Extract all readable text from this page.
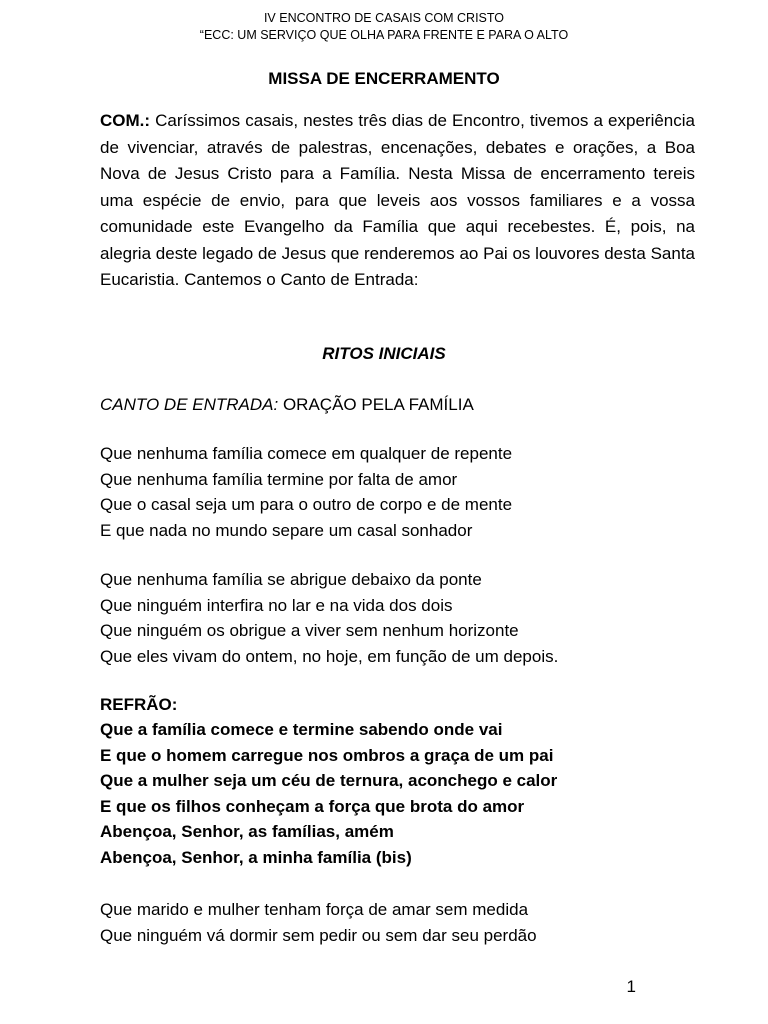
IV ENCONTRO DE CASAIS COM CRISTO
“ECC: UM SERVIÇO QUE OLHA PARA FRENTE E PARA O ALTO
MISSA DE ENCERRAMENTO

COM.: Caríssimos casais, nestes três dias de Encontro, tivemos a experiência de vivenciar, através de palestras, encenações, debates e orações, a Boa Nova de Jesus Cristo para a Família. Nesta Missa de encerramento tereis uma espécie de envio, para que leveis aos vossos familiares e a vossa comunidade este Evangelho da Família que aqui recebestes. É, pois, na alegria deste legado de Jesus que renderemos ao Pai os louvores desta Santa Eucaristia. Cantemos o Canto de Entrada:

RITOS INICIAIS
CANTO DE ENTRADA: ORAÇÃO PELA FAMÍLIA
Que nenhuma família comece em qualquer de repente
Que nenhuma família termine por falta de amor
Que o casal seja um para o outro de corpo e de mente
E que nada no mundo separe um casal sonhador
Que nenhuma família se abrigue debaixo da ponte
Que ninguém interfira no lar e na vida dos dois
Que ninguém os obrigue a viver sem nenhum horizonte
Que eles vivam do ontem, no hoje, em função de um depois.
REFRÃO:
Que a família comece e termine sabendo onde vai
E que o homem carregue nos ombros a graça de um pai
Que a mulher seja um céu de ternura, aconchego e calor
E que os filhos conheçam a força que brota do amor
Abençoa, Senhor, as famílias, amém
Abençoa, Senhor, a minha família (bis)
Que marido e mulher tenham força de amar sem medida
Que ninguém vá dormir sem pedir ou sem dar seu perdão
1
